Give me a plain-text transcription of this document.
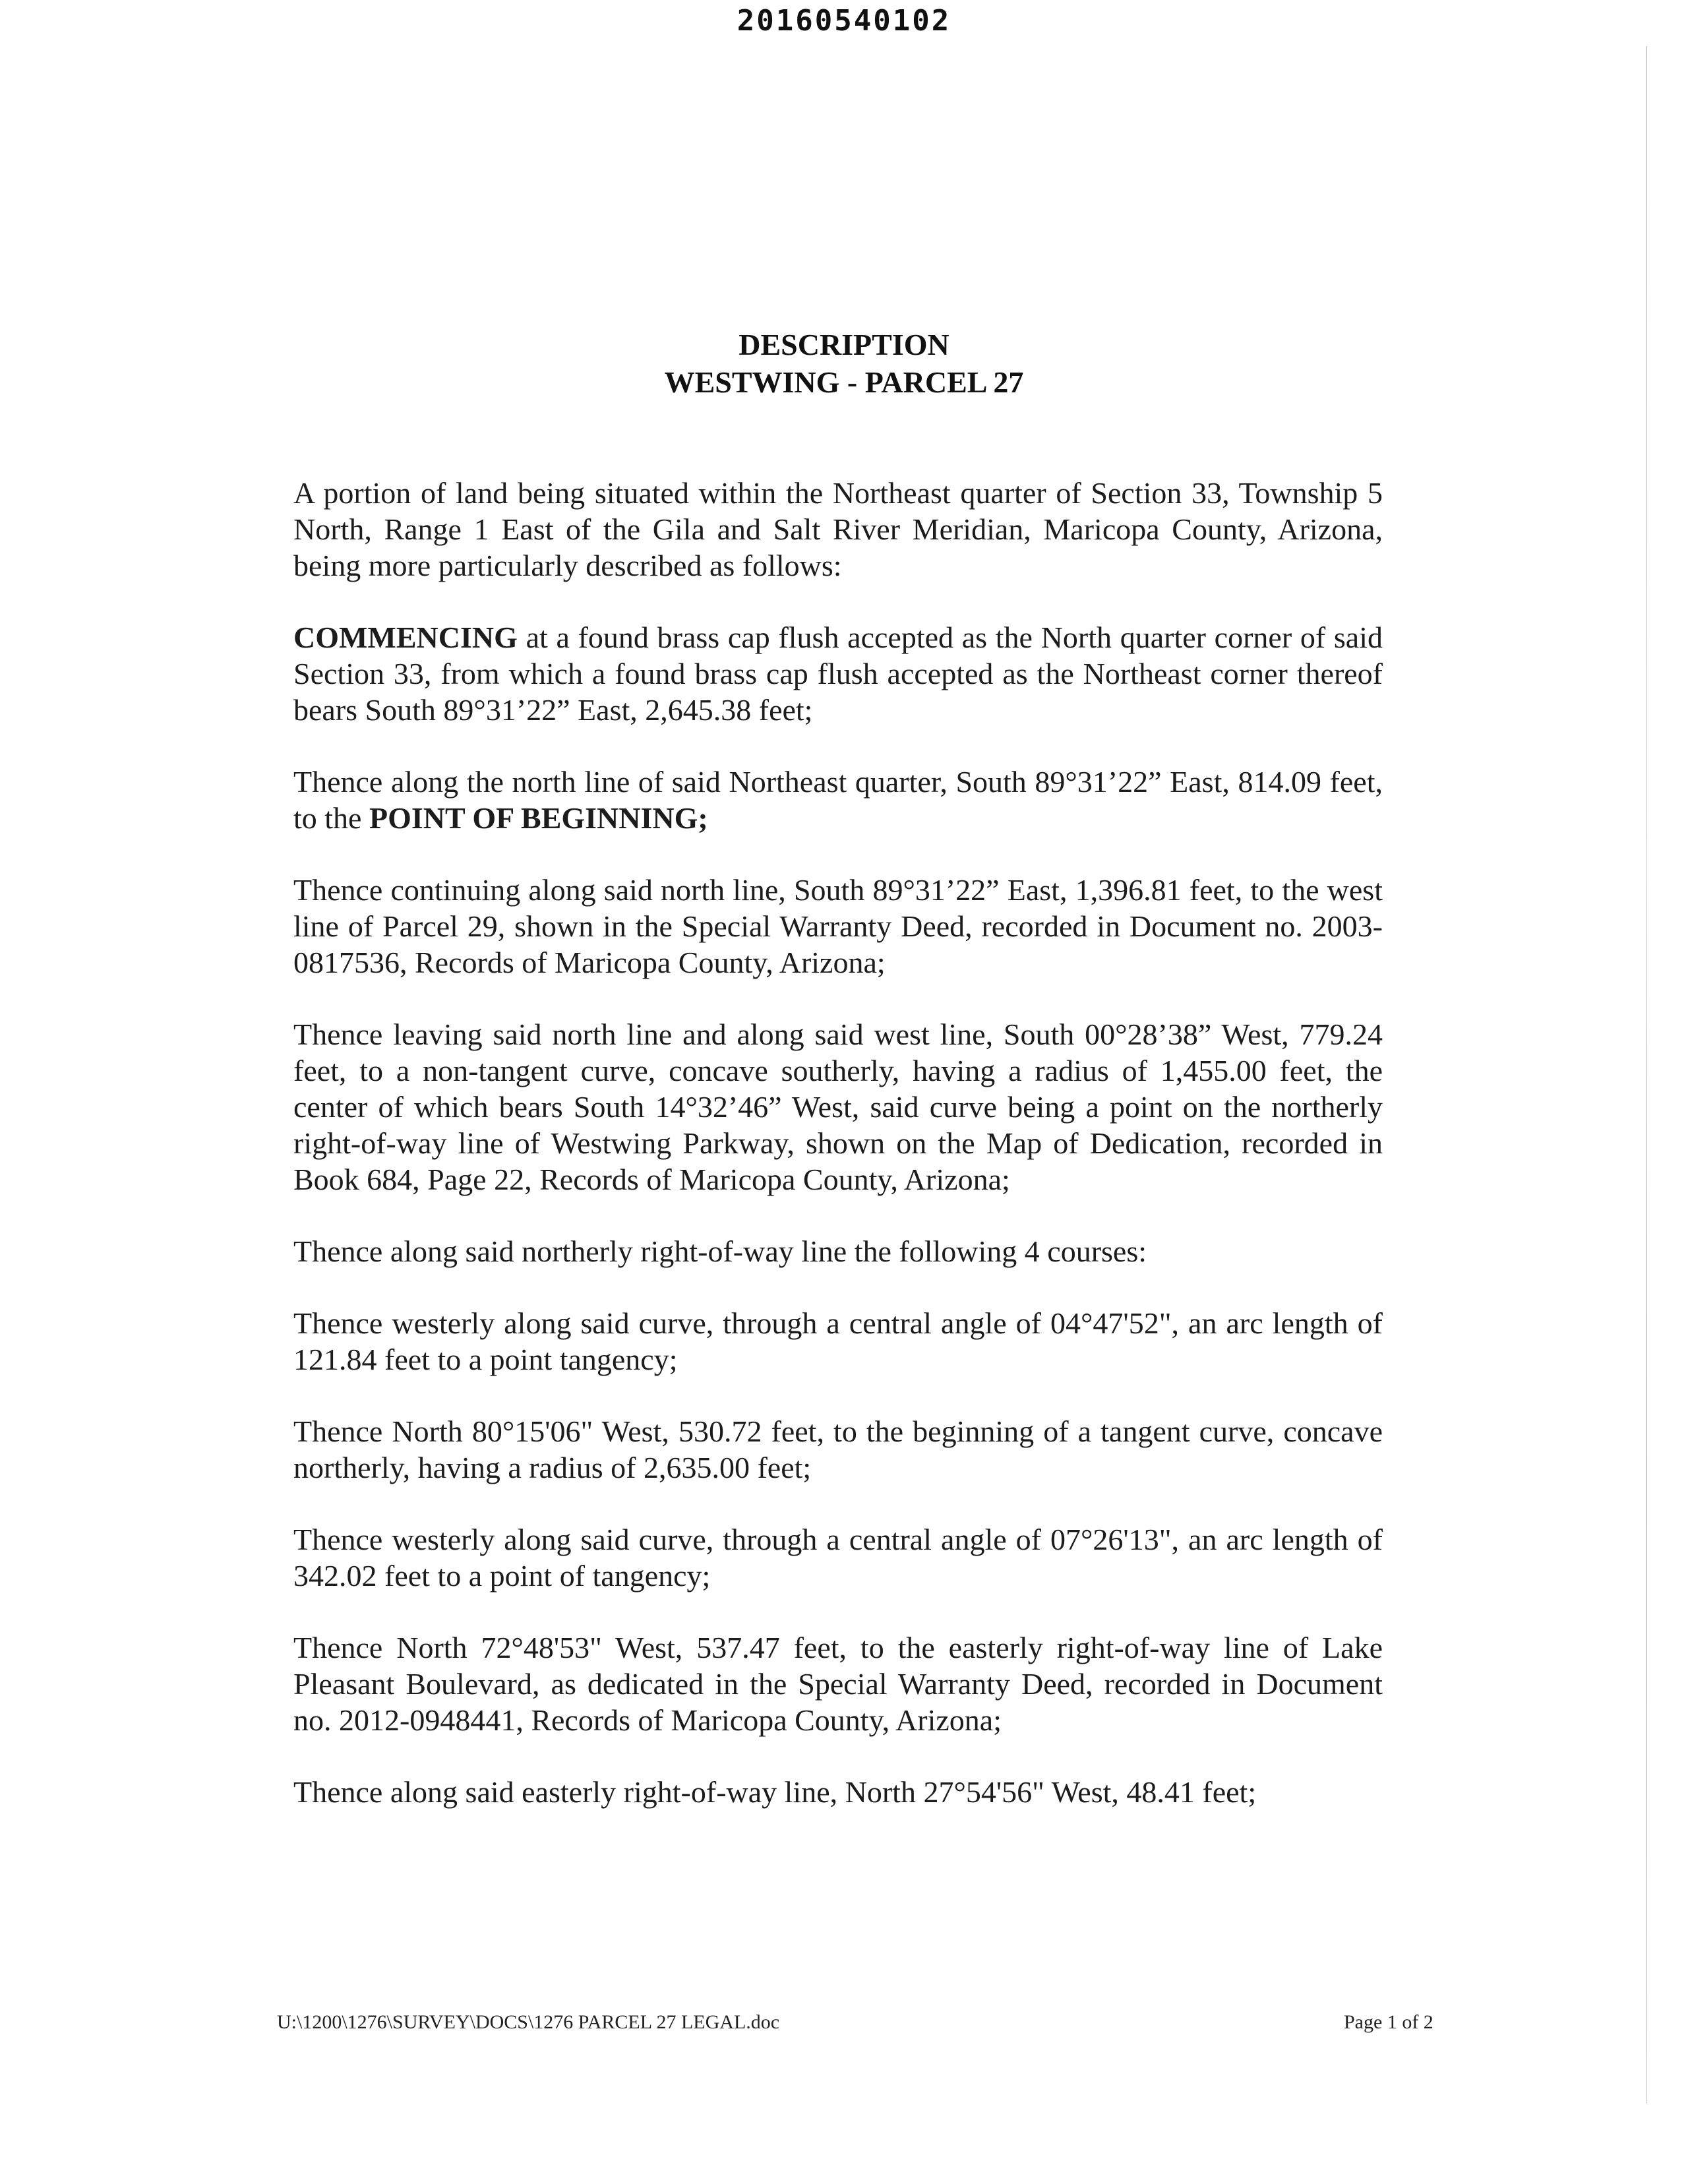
20160540102
DESCRIPTION
WESTWING - PARCEL 27

A portion of land being situated within the Northeast quarter of Section 33, Township 5 North, Range 1 East of the Gila and Salt River Meridian, Maricopa County, Arizona, being more particularly described as follows:

COMMENCING at a found brass cap flush accepted as the North quarter corner of said Section 33, from which a found brass cap flush accepted as the Northeast corner thereof bears South 89°31’22” East, 2,645.38 feet;

Thence along the north line of said Northeast quarter, South 89°31’22” East, 814.09 feet, to the POINT OF BEGINNING;

Thence continuing along said north line, South 89°31’22” East, 1,396.81 feet, to the west line of Parcel 29, shown in the Special Warranty Deed, recorded in Document no. 2003-0817536, Records of Maricopa County, Arizona;

Thence leaving said north line and along said west line, South 00°28’38” West, 779.24 feet, to a non-tangent curve, concave southerly, having a radius of 1,455.00 feet, the center of which bears South 14°32’46” West, said curve being a point on the northerly right-of-way line of Westwing Parkway, shown on the Map of Dedication, recorded in Book 684, Page 22, Records of Maricopa County, Arizona;

Thence along said northerly right-of-way line the following 4 courses:

Thence westerly along said curve, through a central angle of 04°47'52", an arc length of 121.84 feet to a point tangency;

Thence North 80°15'06" West, 530.72 feet, to the beginning of a tangent curve, concave northerly, having a radius of 2,635.00 feet;

Thence westerly along said curve, through a central angle of 07°26'13", an arc length of 342.02 feet to a point of tangency;

Thence North 72°48'53" West, 537.47 feet, to the easterly right-of-way line of Lake Pleasant Boulevard, as dedicated in the Special Warranty Deed, recorded in Document no. 2012-0948441, Records of Maricopa County, Arizona;

Thence along said easterly right-of-way line, North 27°54'56" West, 48.41 feet;

U:\1200\1276\SURVEY\DOCS\1276 PARCEL 27 LEGAL.doc	Page 1 of 2
